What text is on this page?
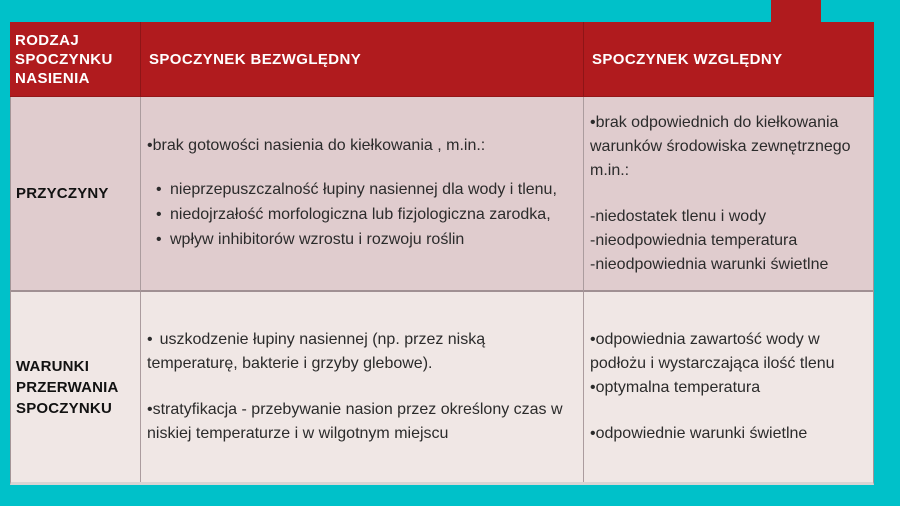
RODZAJ SPOCZYNKU NASIENIA
SPOCZYNEK BEZWGLĘDNY	SPOCZYNEK WZGLĘDNY
PRZYCZYNY
•brak gotowości nasienia do kiełkowania , m.in.:
• nieprzepuszczalność łupiny nasiennej dla wody i tlenu,
• niedojrzałość morfologiczna lub fizjologiczna zarodka,
• wpływ inhibitorów wzrostu i rozwoju roślin
•brak odpowiednich do kiełkowania warunków środowiska zewnętrznego m.in.:
-niedostatek tlenu i wody
-nieodpowiednia temperatura
-nieodpowiednia warunki świetlne
WARUNKI PRZERWANIA SPOCZYNKU
• uszkodzenie łupiny nasiennej (np. przez niską temperaturę, bakterie i grzyby glebowe).
•stratyfikacja - przebywanie nasion przez określony czas w niskiej temperaturze i w wilgotnym miejscu
•odpowiednia zawartość wody w podłożu i wystarczająca ilość tlenu
•optymalna temperatura
•odpowiednie warunki świetlne
